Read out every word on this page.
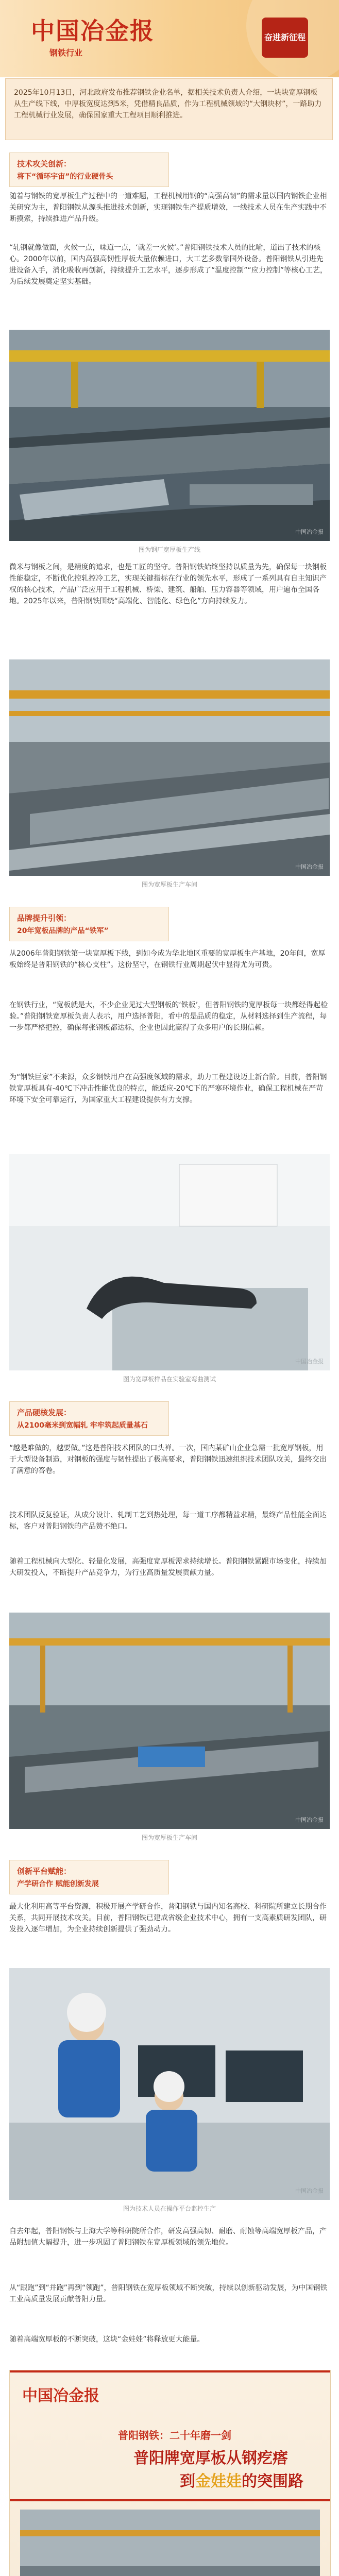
中国冶金报
钢铁行业
奋进新征程
2025年10月13日，河北政府发布推荐钢铁企业名单，据相关技术负责人介绍，一块块宽厚钢板从生产线下线，中厚板宽度达到5米，凭借精良品质，作为工程机械领域的“大钢块材”，一路助力工程机械行业发展，确保国家重大工程项目顺利推进。
技术攻关创新：
将下“循环宇宙”的行业硬骨头
随着与钢铁的宽厚板生产过程中的一道难题，工程机械用钢的“高强高韧”的需求量以国内钢铁企业相关研究为主，普阳钢铁从源头推进技术创新，实现钢铁生产提质增效，一线技术人员在生产实践中不断摸索，持续推进产品升级。
“轧钢就像做面，火候一点，味道一点，‘就差一火候’。”普阳钢铁技术人员的比喻，道出了技术的核心。2000年以前，国内高强高韧性厚板大量依赖进口，大工艺多数靠国外设备。普阳钢铁从引进先进设备入手，消化吸收再创新，持续提升工艺水平，逐步形成了“温度控制”“应力控制”等核心工艺，为后续发展奠定坚实基础。
中国冶金报
图为钢厂宽厚板生产线
微米与钢板之间，是精度的追求，也是工匠的坚守。普阳钢铁始终坚持以质量为先，确保每一块钢板性能稳定，不断优化控轧控冷工艺，实现关键指标在行业的领先水平，形成了一系列具有自主知识产权的核心技术，产品广泛应用于工程机械、桥梁、建筑、船舶、压力容器等领域，用户遍布全国各地。2025年以来，普阳钢铁围绕“高端化、智能化、绿色化”方向持续发力。
中国冶金报
图为宽厚板生产车间
品牌提升引领：
20年宽板品牌的产品“铁军”
从2006年普阳钢铁第一块宽厚板下线，到如今成为华北地区重要的宽厚板生产基地，20年间，宽厚板始终是普阳钢铁的“核心支柱”。这份坚守，在钢铁行业周期起伏中显得尤为可贵。
在钢铁行业，“宽板就是大，不少企业见过大型钢板的‘铁板’，但普阳钢铁的宽厚板每一块都经得起检验。”普阳钢铁宽厚板负责人表示，用户选择普阳，看中的是品质的稳定，从材料选择到生产流程，每一步都严格把控，确保每张钢板都达标，企业也因此赢得了众多用户的长期信赖。
为“钢铁巨家”不来源，众多钢铁用户在高强度领域的需求，助力工程建设迈上新台阶。目前，普阳钢铁宽厚板具有-40℃下冲击性能优良的特点，能适应-20℃下的严寒环境作业，确保工程机械在严苛环境下安全可靠运行，为国家重大工程建设提供有力支撑。
中国冶金报
图为宽厚板样品在实验室弯曲测试
产品硬核发展：
从2100毫米到宽幅轧 牢牢筑起质量基石
“越是难做的，越要做。”这是普阳技术团队的口头禅。一次，国内某矿山企业急需一批宽厚钢板，用于大型设备制造，对钢板的强度与韧性提出了极高要求，普阳钢铁迅速组织技术团队攻关，最终交出了满意的答卷。
技术团队反复验证，从成分设计、轧制工艺到热处理，每一道工序都精益求精，最终产品性能全面达标，客户对普阳钢铁的产品赞不绝口。
随着工程机械向大型化、轻量化发展，高强度宽厚板需求持续增长。普阳钢铁紧跟市场变化，持续加大研发投入，不断提升产品竞争力，为行业高质量发展贡献力量。
中国冶金报
图为宽厚板生产车间
创新平台赋能：
产学研合作 赋能创新发展
最大化利用高等平台资源，积极开展产学研合作，普阳钢铁与国内知名高校、科研院所建立长期合作关系，共同开展技术攻关。目前，普阳钢铁已建成省级企业技术中心，拥有一支高素质研发团队，研发投入逐年增加，为企业持续创新提供了强劲动力。
中国冶金报
图为技术人员在操作平台监控生产
自去年起，普阳钢铁与上海大学等科研院所合作，研发高强高韧、耐磨、耐蚀等高端宽厚板产品，产品附加值大幅提升，进一步巩固了普阳钢铁在宽厚板领域的领先地位。
从“跟跑”到“并跑”再到“领跑”，普阳钢铁在宽厚板领域不断突破，持续以创新驱动发展，为中国钢铁工业高质量发展贡献普阳力量。
随着高端宽厚板的不断突破，这块“金娃娃”将释放更大能量。
中国冶金报
普阳钢铁：二十年磨一剑
普阳牌宽厚板从钢疙瘩
到金娃娃的突围路
